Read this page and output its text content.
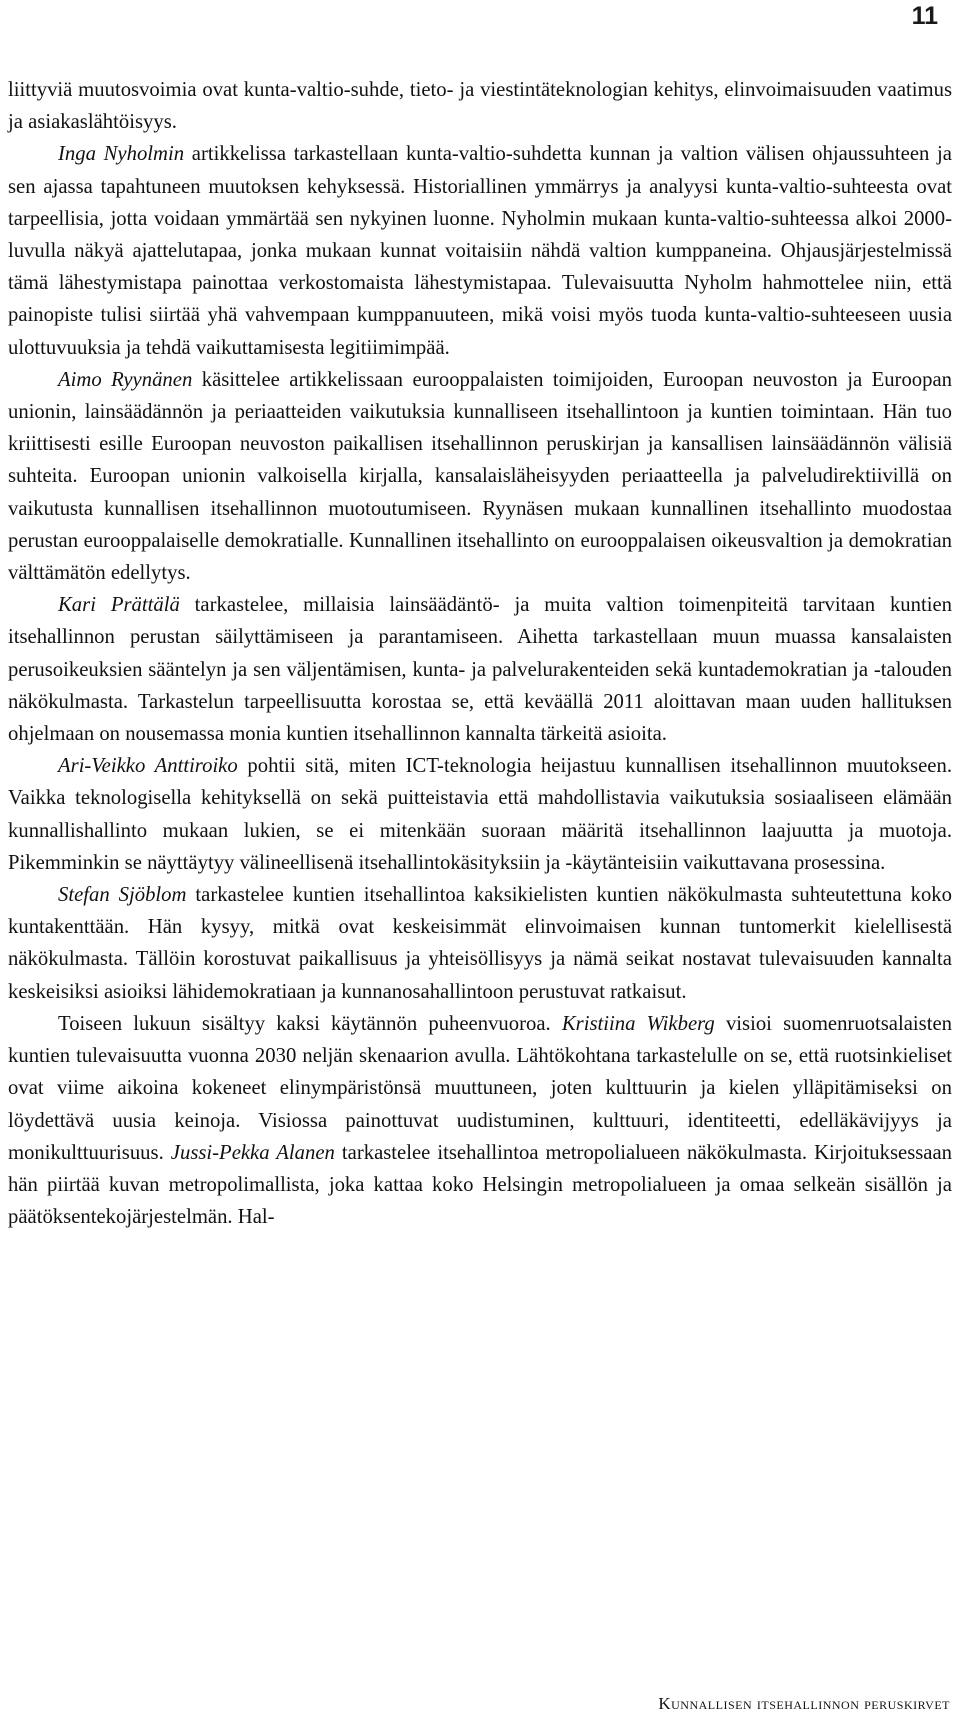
11

liittyviä muutosvoimia ovat kunta-valtio-suhde, tieto- ja viestintäteknologian kehitys, elinvoimaisuuden vaatimus ja asiakaslähtöisyys.

Inga Nyholmin artikkelissa tarkastellaan kunta-valtio-suhdetta kunnan ja valtion välisen ohjaussuhteen ja sen ajassa tapahtuneen muutoksen kehyksessä. Historiallinen ymmärrys ja analyysi kunta-valtio-suhteesta ovat tarpeellisia, jotta voidaan ymmärtää sen nykyinen luonne. Nyholmin mukaan kunta-valtio-suhteessa alkoi 2000-luvulla näkyä ajattelutapaa, jonka mukaan kunnat voitaisiin nähdä valtion kumppaneina. Ohjausjärjestelmissä tämä lähestymistapa painottaa verkostomaista lähestymistapaa. Tulevaisuutta Nyholm hahmottelee niin, että painopiste tulisi siirtää yhä vahvempaan kumppanuuteen, mikä voisi myös tuoda kunta-valtio-suhteeseen uusia ulottuvuuksia ja tehdä vaikuttamisesta legitiimimpää.

Aimo Ryynänen käsittelee artikkelissaan eurooppalaisten toimijoiden, Euroopan neuvoston ja Euroopan unionin, lainsäädännön ja periaatteiden vaikutuksia kunnalliseen itsehallintoon ja kuntien toimintaan. Hän tuo kriittisesti esille Euroopan neuvoston paikallisen itsehallinnon peruskirjan ja kansallisen lainsäädännön välisiä suhteita. Euroopan unionin valkoisella kirjalla, kansalaisläheisyyden periaatteella ja palveludirektiivillä on vaikutusta kunnallisen itsehallinnon muotoutumiseen. Ryynäsen mukaan kunnallinen itsehallinto muodostaa perustan eurooppalaiselle demokratialle. Kunnallinen itsehallinto on eurooppalaisen oikeusvaltion ja demokratian välttämätön edellytys.

Kari Prättälä tarkastelee, millaisia lainsäädäntö- ja muita valtion toimenpiteitä tarvitaan kuntien itsehallinnon perustan säilyttämiseen ja parantamiseen. Aihetta tarkastellaan muun muassa kansalaisten perusoikeuksien sääntelyn ja sen väljentämisen, kunta- ja palvelurakenteiden sekä kuntademokratian ja -talouden näkökulmasta. Tarkastelun tarpeellisuutta korostaa se, että keväällä 2011 aloittavan maan uuden hallituksen ohjelmaan on nousemassa monia kuntien itsehallinnon kannalta tärkeitä asioita.

Ari-Veikko Anttiroiko pohtii sitä, miten ICT-teknologia heijastuu kunnallisen itsehallinnon muutokseen. Vaikka teknologisella kehityksellä on sekä puitteistavia että mahdollistavia vaikutuksia sosiaaliseen elämään kunnallishallinto mukaan lukien, se ei mitenkään suoraan määritä itsehallinnon laajuutta ja muotoja. Pikemminkin se näyttäytyy välineellisenä itsehallintokäsityksiin ja -käytänteisiin vaikuttavana prosessina.

Stefan Sjöblom tarkastelee kuntien itsehallintoa kaksikielisten kuntien näkökulmasta suhteutettuna koko kuntakenttään. Hän kysyy, mitkä ovat keskeisimmät elinvoimaisen kunnan tuntomerkit kielellisestä näkökulmasta. Tällöin korostuvat paikallisuus ja yhteisöllisyys ja nämä seikat nostavat tulevaisuuden kannalta keskeisiksi asioiksi lähidemokratiaan ja kunnanosahallintoon perustuvat ratkaisut.

Toiseen lukuun sisältyy kaksi käytännön puheenvuoroa. Kristiina Wikberg visioi suomenruotsalaisten kuntien tulevaisuutta vuonna 2030 neljän skenaarion avulla. Lähtökohtana tarkastelulle on se, että ruotsinkieliset ovat viime aikoina kokeneet elinympäristönsä muuttuneen, joten kulttuurin ja kielen ylläpitämiseksi on löydettävä uusia keinoja. Visiossa painottuvat uudistuminen, kulttuuri, identiteetti, edelläkävijyys ja monikulttuurisuus. Jussi-Pekka Alanen tarkastelee itsehallintoa metropolialueen näkökulmasta. Kirjoituksessaan hän piirtää kuvan metropolimallista, joka kattaa koko Helsingin metropolialueen ja omaa selkeän sisällön ja päätöksentekojärjestelmän. Hal-

Kunnallisen itsehallinnon peruskirvet
